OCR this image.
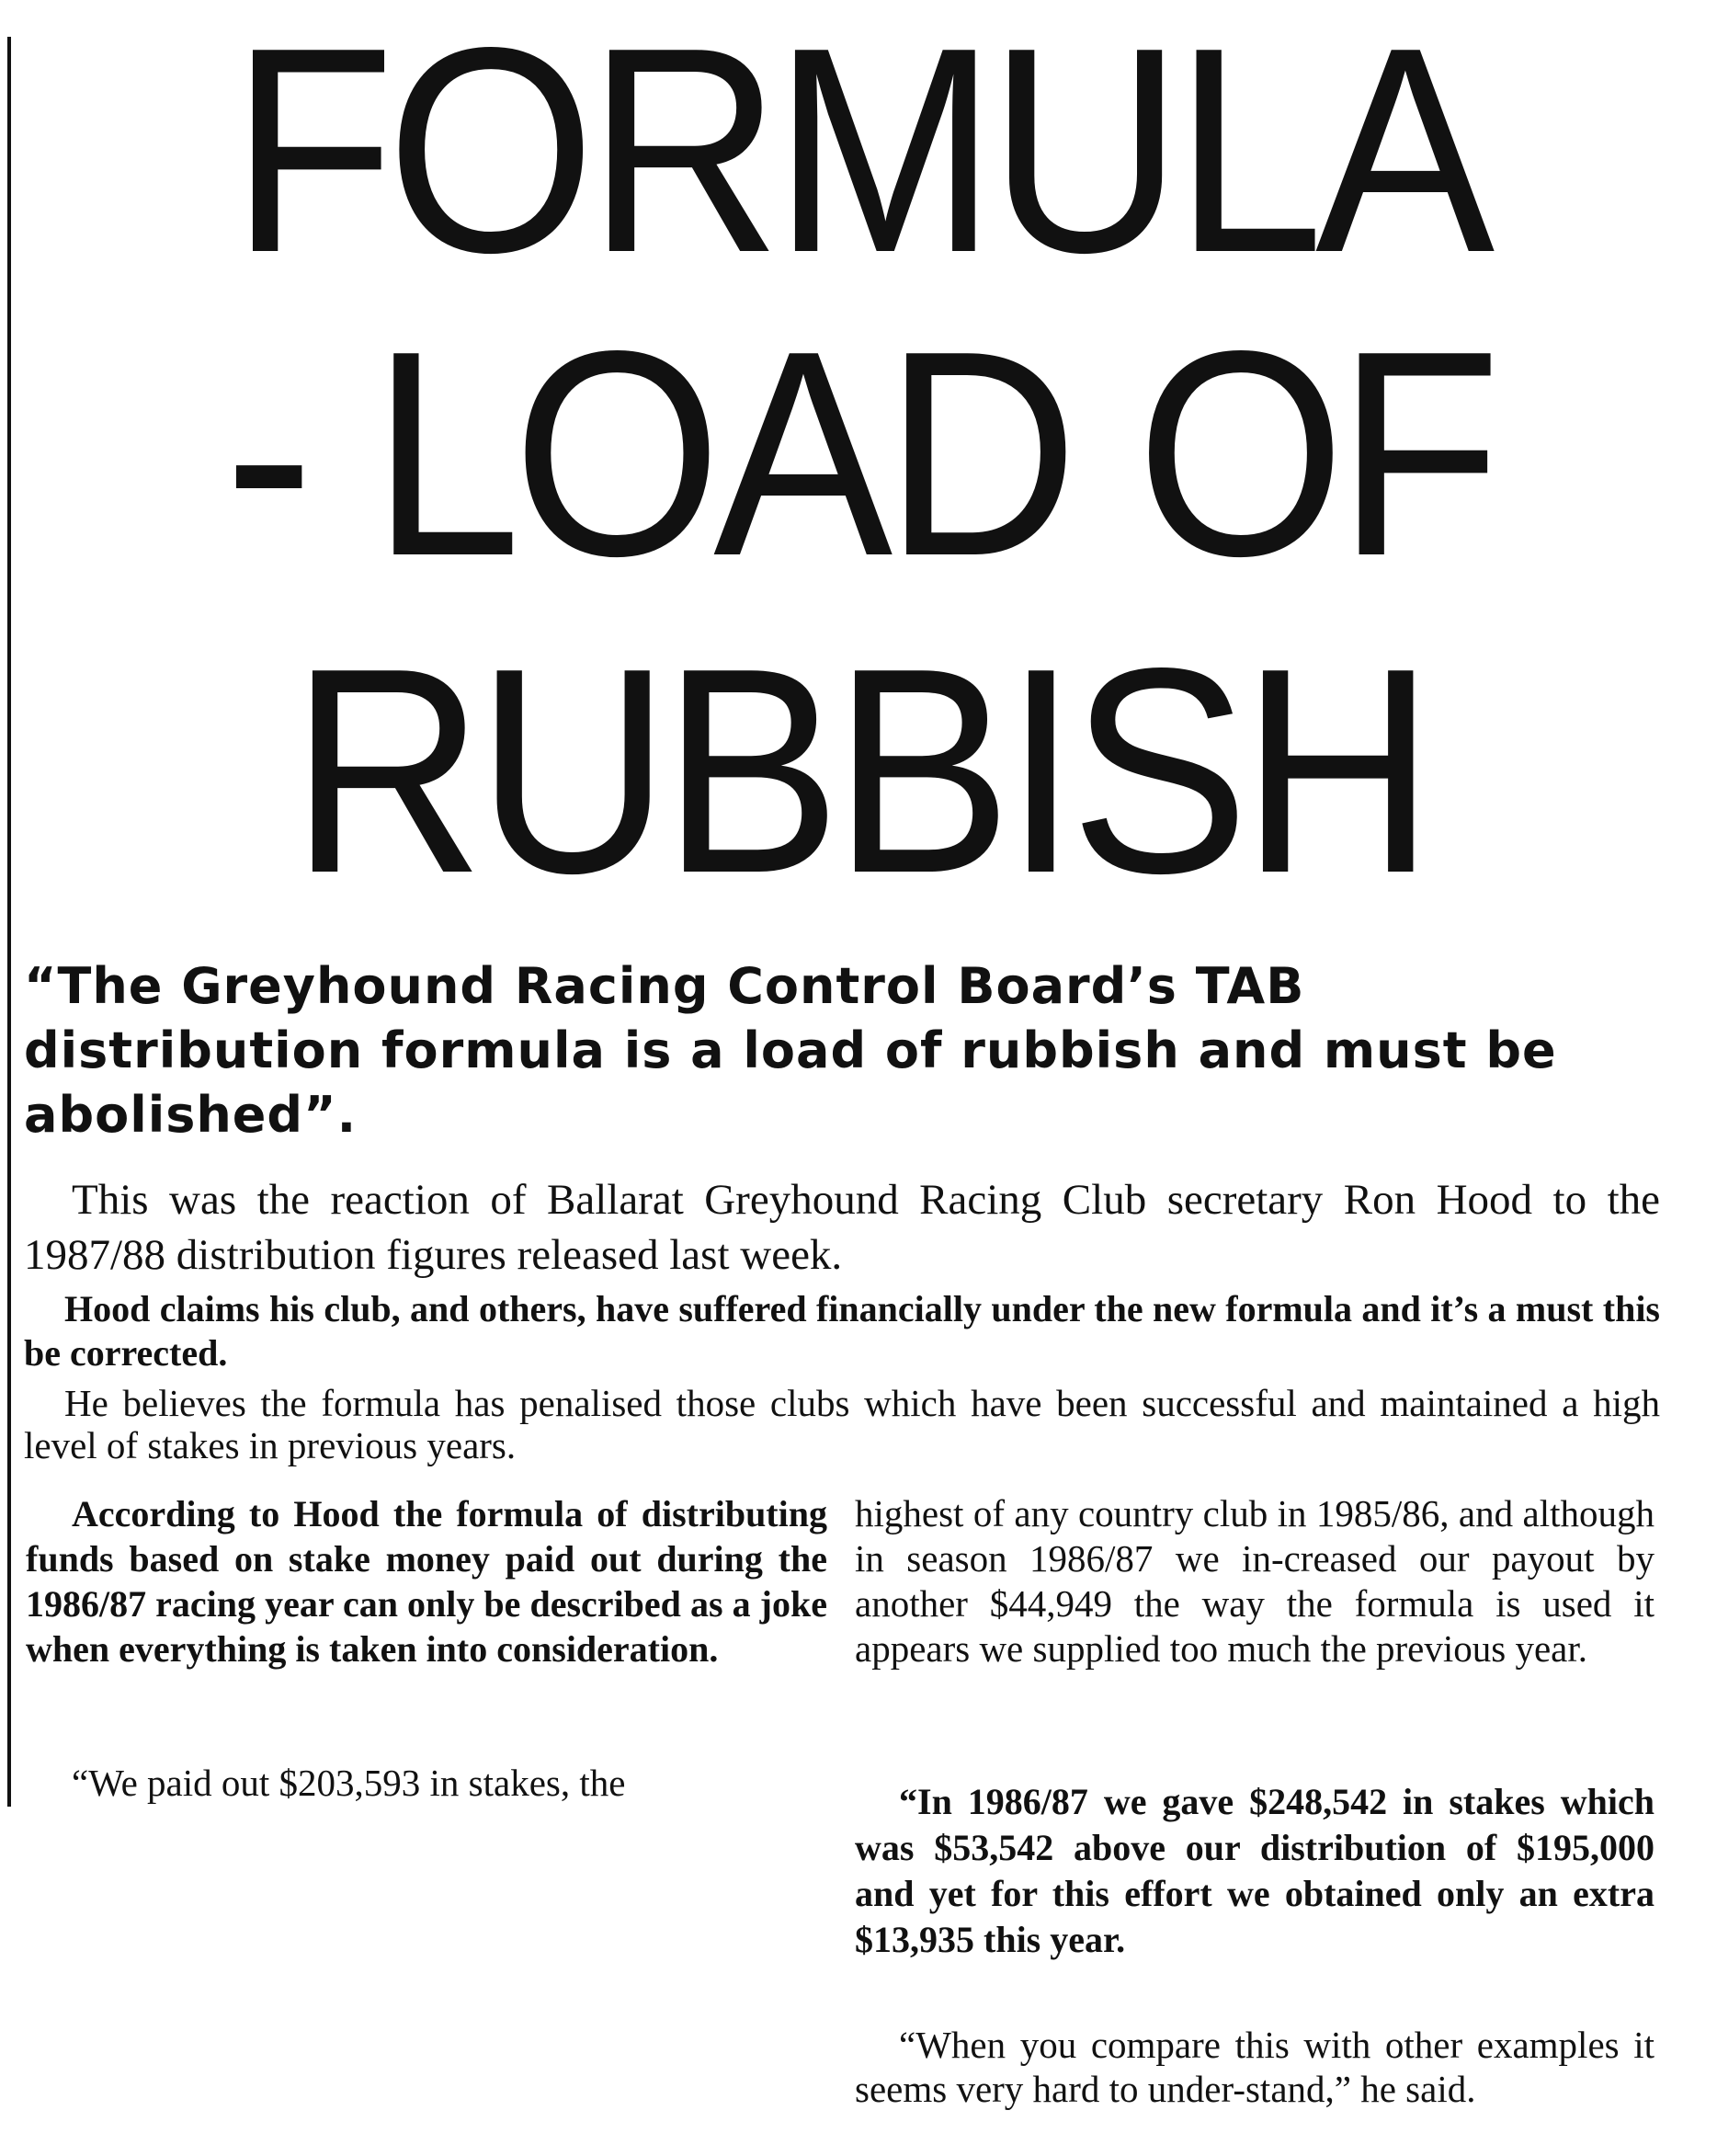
FORMULA
- LOAD OF
RUBBISH

“The Greyhound Racing Control Board’s TAB distribution formula is a load of rubbish and must be abolished”.

This was the reaction of Ballarat Greyhound Racing Club secretary Ron Hood to the 1987/88 distribution figures released last week.

Hood claims his club, and others, have suffered financially under the new formula and it’s a must this be corrected.

He believes the formula has penalised those clubs which have been successful and maintained a high level of stakes in previous years.

According to Hood the formula of distributing funds based on stake money paid out during the 1986/87 racing year can only be described as a joke when everything is taken into consideration.

“We paid out $203,593 in stakes, the

highest of any country club in 1985/86, and although in season 1986/87 we in-creased our payout by another $44,949 the way the formula is used it appears we supplied too much the previous year.

“In 1986/87 we gave $248,542 in stakes which was $53,542 above our distribution of $195,000 and yet for this effort we obtained only an extra $13,935 this year.

“When you compare this with other examples it seems very hard to under-stand,” he said.
